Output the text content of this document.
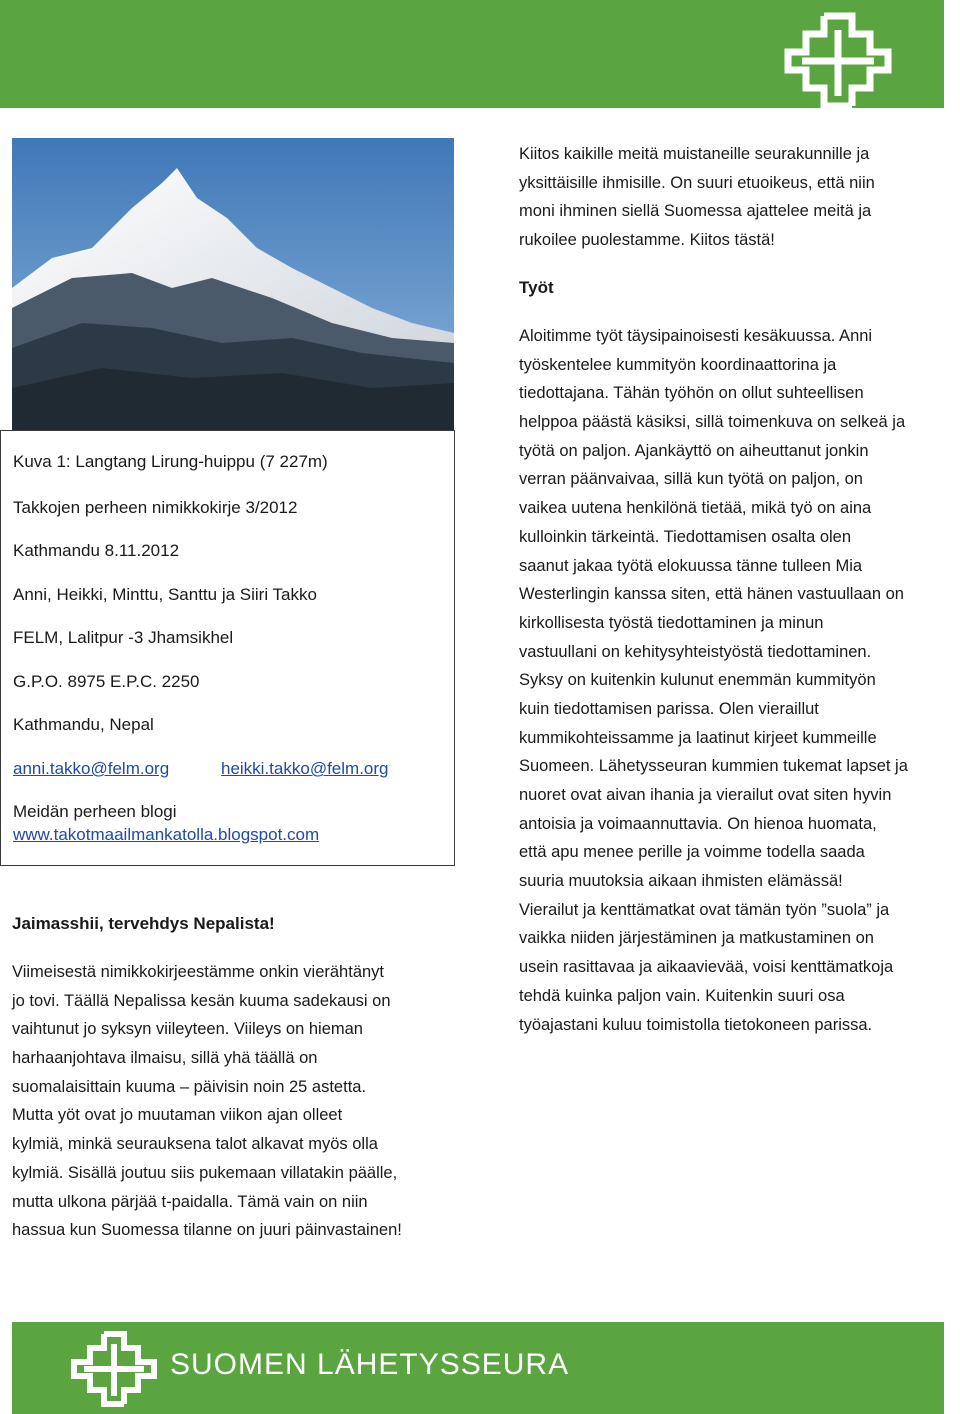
Kuva 1: Langtang Lirung-huippu (7 227m)
Takkojen perheen nimikkokirje 3/2012
Kathmandu 8.11.2012
Anni, Heikki, Minttu, Santtu ja Siiri Takko
FELM, Lalitpur -3 Jhamsikhel
G.P.O. 8975 E.P.C. 2250
Kathmandu, Nepal
anni.takko@felm.org	heikki.takko@felm.org
Meidän perheen blogi
www.takotmaailmankatolla.blogspot.com
Jaimasshii, tervehdys Nepalista!
Viimeisestä nimikkokirjeestämme onkin vierähtänyt
jo tovi. Täällä Nepalissa kesän kuuma sadekausi on
vaihtunut jo syksyn viileyteen. Viileys on hieman
harhaanjohtava ilmaisu, sillä yhä täällä on
suomalaisittain kuuma – päivisin noin 25 astetta.
Mutta yöt ovat jo muutaman viikon ajan olleet
kylmiä, minkä seurauksena talot alkavat myös olla
kylmiä. Sisällä joutuu siis pukemaan villatakin päälle,
mutta ulkona pärjää t-paidalla. Tämä vain on niin
hassua kun Suomessa tilanne on juuri päinvastainen!
Kiitos kaikille meitä muistaneille seurakunnille ja
yksittäisille ihmisille. On suuri etuoikeus, että niin
moni ihminen siellä Suomessa ajattelee meitä ja
rukoilee puolestamme. Kiitos tästä!
Työt
Aloitimme työt täysipainoisesti kesäkuussa. Anni
työskentelee kummityön koordinaattorina ja
tiedottajana. Tähän työhön on ollut suhteellisen
helppoa päästä käsiksi, sillä toimenkuva on selkeä ja
työtä on paljon. Ajankäyttö on aiheuttanut jonkin
verran päänvaivaa, sillä kun työtä on paljon, on
vaikea uutena henkilönä tietää, mikä työ on aina
kulloinkin tärkeintä. Tiedottamisen osalta olen
saanut jakaa työtä elokuussa tänne tulleen Mia
Westerlingin kanssa siten, että hänen vastuullaan on
kirkollisesta työstä tiedottaminen ja minun
vastuullani on kehitysyhteistyöstä tiedottaminen.
Syksy on kuitenkin kulunut enemmän kummityön
kuin tiedottamisen parissa. Olen vieraillut
kummikohteissamme ja laatinut kirjeet kummeille
Suomeen. Lähetysseuran kummien tukemat lapset ja
nuoret ovat aivan ihania ja vierailut ovat siten hyvin
antoisia ja voimaannuttavia. On hienoa huomata,
että apu menee perille ja voimme todella saada
suuria muutoksia aikaan ihmisten elämässä!
Vierailut ja kenttämatkat ovat tämän työn ”suola” ja
vaikka niiden järjestäminen ja matkustaminen on
usein rasittavaa ja aikaavievää, voisi kenttämatkoja
tehdä kuinka paljon vain. Kuitenkin suuri osa
työajastani kuluu toimistolla tietokoneen parissa.
SUOMEN LÄHETYSSEURA
